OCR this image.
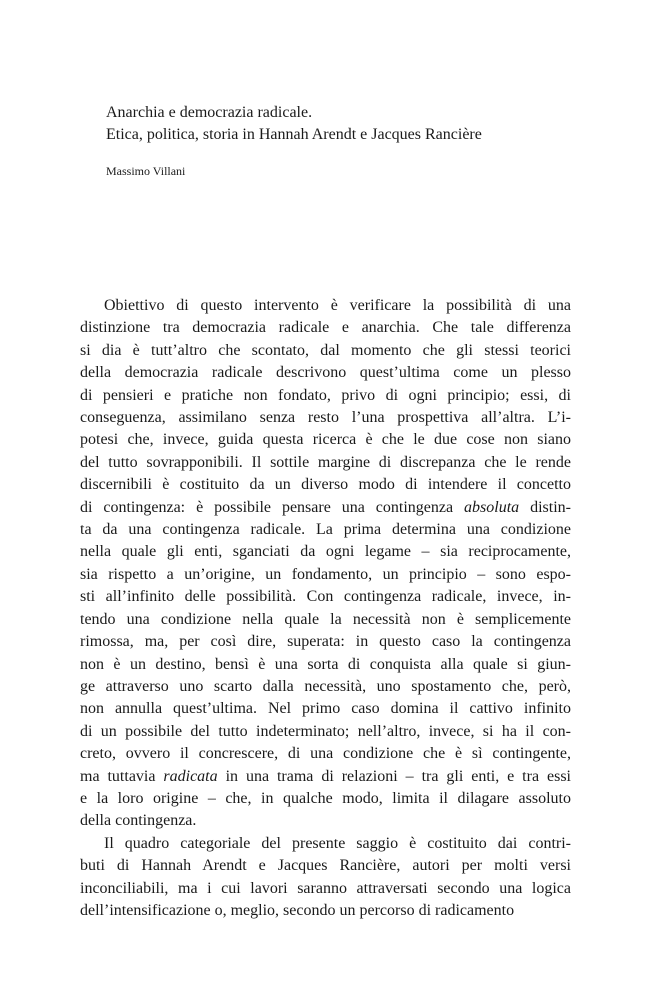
Anarchia e democrazia radicale.
Etica, politica, storia in Hannah Arendt e Jacques Rancière

Massimo Villani

Obiettivo di questo intervento è verificare la possibilità di una
distinzione tra democrazia radicale e anarchia. Che tale differenza
si dia è tutt’altro che scontato, dal momento che gli stessi teorici
della democrazia radicale descrivono quest’ultima come un plesso
di pensieri e pratiche non fondato, privo di ogni principio; essi, di
conseguenza, assimilano senza resto l’una prospettiva all’altra. L’i-
potesi che, invece, guida questa ricerca è che le due cose non siano
del tutto sovrapponibili. Il sottile margine di discrepanza che le rende
discernibili è costituito da un diverso modo di intendere il concetto
di contingenza: è possibile pensare una contingenza absoluta distin-
ta da una contingenza radicale. La prima determina una condizione
nella quale gli enti, sganciati da ogni legame – sia reciprocamente,
sia rispetto a un’origine, un fondamento, un principio – sono espo-
sti all’infinito delle possibilità. Con contingenza radicale, invece, in-
tendo una condizione nella quale la necessità non è semplicemente
rimossa, ma, per così dire, superata: in questo caso la contingenza
non è un destino, bensì è una sorta di conquista alla quale si giun-
ge attraverso uno scarto dalla necessità, uno spostamento che, però,
non annulla quest’ultima. Nel primo caso domina il cattivo infinito
di un possibile del tutto indeterminato; nell’altro, invece, si ha il con-
creto, ovvero il concrescere, di una condizione che è sì contingente,
ma tuttavia radicata in una trama di relazioni – tra gli enti, e tra essi
e la loro origine – che, in qualche modo, limita il dilagare assoluto
della contingenza.
Il quadro categoriale del presente saggio è costituito dai contri-
buti di Hannah Arendt e Jacques Rancière, autori per molti versi
inconciliabili, ma i cui lavori saranno attraversati secondo una logica
dell’intensificazione o, meglio, secondo un percorso di radicamento
